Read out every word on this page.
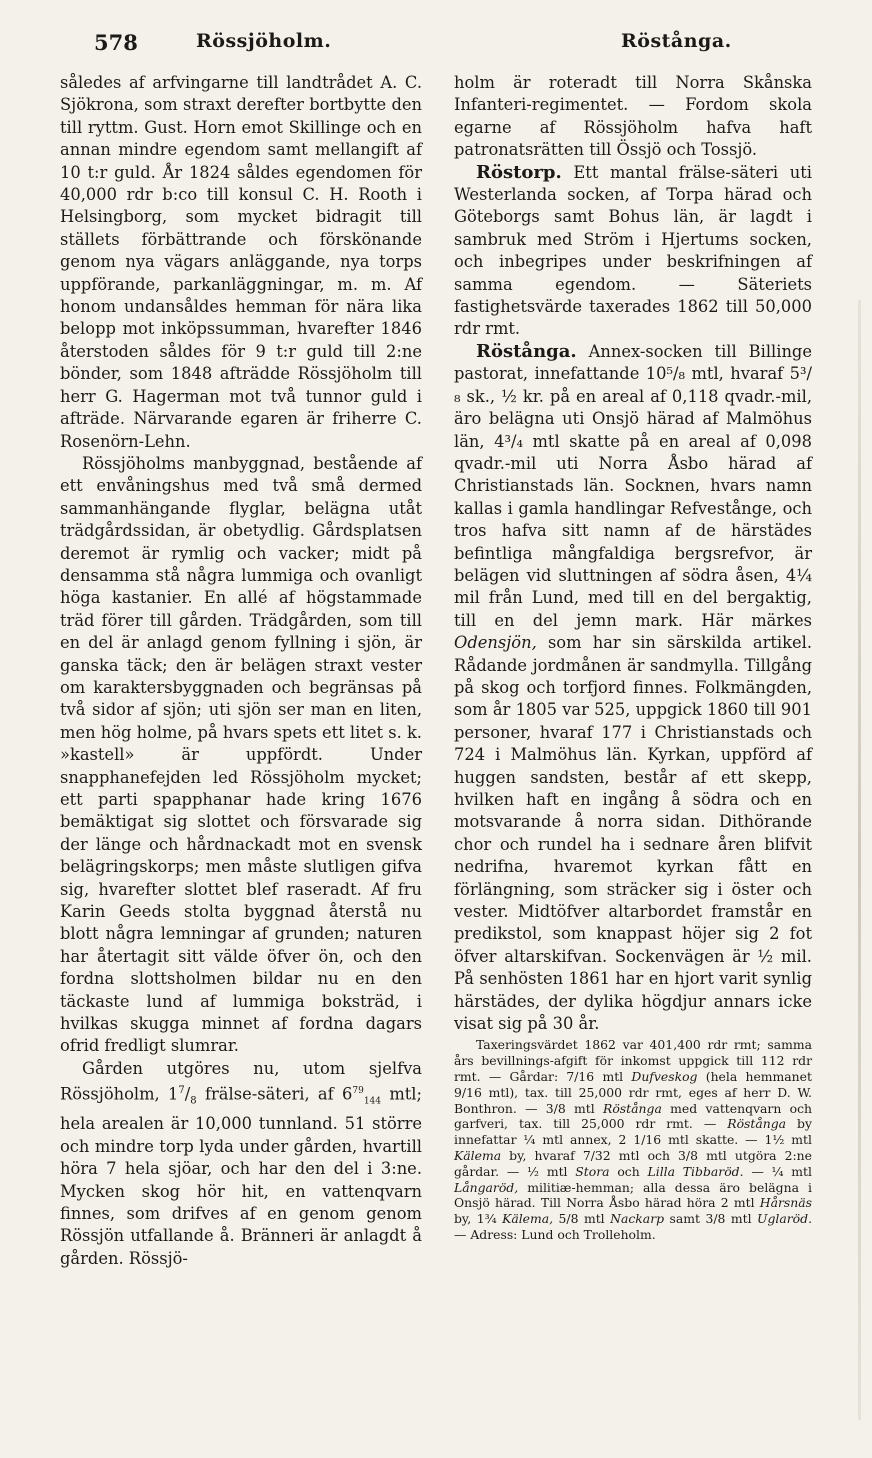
578	Rössjöholm.	Röstånga.

således af arfvingarne till landtrådet A. C. Sjökrona, som straxt derefter bortbytte den till ryttm. Gust. Horn emot Skillinge och en annan mindre egendom samt mellangift af 10 t:r guld. År 1824 såldes egendomen för 40,000 rdr b:co till konsul C. H. Rooth i Helsingborg, som mycket bidragit till ställets förbättrande och förskönande genom nya vägars anläggande, nya torps uppförande, parkanläggningar, m. m. Af honom undansåldes hemman för nära lika belopp mot inköpssumman, hvarefter 1846 återstoden såldes för 9 t:r guld till 2:ne bönder, som 1848 afträdde Rössjöholm till herr G. Hagerman mot två tunnor guld i afträde. Närvarande egaren är friherre C. Rosenörn-Lehn.

Rössjöholms manbyggnad, bestående af ett envåningshus med två små dermed sammanhängande flyglar, belägna utåt trädgårdssidan, är obetydlig. Gårdsplatsen deremot är rymlig och vacker; midt på densamma stå några lummiga och ovanligt höga kastanier. En allé af högstammade träd förer till gården. Trädgården, som till en del är anlagd genom fyllning i sjön, är ganska täck; den är belägen straxt vester om karaktersbyggnaden och begränsas på två sidor af sjön; uti sjön ser man en liten, men hög holme, på hvars spets ett litet s. k. »kastell» är uppfördt. Under snapphanefejden led Rössjöholm mycket; ett parti spapphanar hade kring 1676 bemäktigat sig slottet och försvarade sig der länge och hårdnackadt mot en svensk belägringskorps; men måste slutligen gifva sig, hvarefter slottet blef raseradt. Af fru Karin Geeds stolta byggnad återstå nu blott några lemningar af grunden; naturen har återtagit sitt välde öfver ön, och den fordna slottsholmen bildar nu en den täckaste lund af lummiga boksträd, i hvilkas skugga minnet af fordna dagars ofrid fredligt slumrar.

Gården utgöres nu, utom sjelfva Rössjöholm, $1^7/_8$ frälse-säteri, af $6^{79}_{144}$ mtl; hela arealen är 10,000 tunnland. 51 större och mindre torp lyda under gården, hvartill höra 7 hela sjöar, och har den del i 3:ne. Mycken skog hör hit, en vattenqvarn finnes, som drifves af en genom genom Rössjön utfallande å. Bränneri är anlagdt å gården. Rössjö-

holm är roteradt till Norra Skånska Infanteri-regimentet. — Fordom skola egarne af Rössjöholm hafva haft patronatsrätten till Össjö och Tossjö.

Röstorp. Ett mantal frälse-säteri uti Westerlanda socken, af Torpa härad och Göteborgs samt Bohus län, är lagdt i sambruk med Ström i Hjertums socken, och inbegripes under beskrifningen af samma egendom. — Säteriets fastighetsvärde taxerades 1862 till 50,000 rdr rmt.

Röstånga. Annex-socken till Billinge pastorat, innefattande 10⁵/₈ mtl, hvaraf 5³/₈ sk., ½ kr. på en areal af 0,118 qvadr.-mil, äro belägna uti Onsjö härad af Malmöhus län, 4³/₄ mtl skatte på en areal af 0,098 qvadr.-mil uti Norra Åsbo härad af Christianstads län. Socknen, hvars namn kallas i gamla handlingar Refvestånge, och tros hafva sitt namn af de härstädes befintliga mångfaldiga bergsrefvor, är belägen vid sluttningen af södra åsen, 4¼ mil från Lund, med till en del bergaktig, till en del jemn mark. Här märkes Odensjön, som har sin särskilda artikel. Rådande jordmånen är sandmylla. Tillgång på skog och torfjord finnes. Folkmängden, som år 1805 var 525, uppgick 1860 till 901 personer, hvaraf 177 i Christianstads och 724 i Malmöhus län. Kyrkan, uppförd af huggen sandsten, består af ett skepp, hvilken haft en ingång å södra och en motsvarande å norra sidan. Dithörande chor och rundel ha i sednare åren blifvit nedrifna, hvaremot kyrkan fått en förlängning, som sträcker sig i öster och vester. Midtöfver altarbordet framstår en predikstol, som knappast höjer sig 2 fot öfver altarskifvan. Sockenvägen är ½ mil. På senhösten 1861 har en hjort varit synlig härstädes, der dylika högdjur annars icke visat sig på 30 år.

Taxeringsvärdet 1862 var 401,400 rdr rmt; samma års bevillnings-afgift för inkomst uppgick till 112 rdr rmt. — Gårdar: 7/16 mtl Dufveskog (hela hemmanet 9/16 mtl), tax. till 25,000 rdr rmt, eges af herr D. W. Bonthron. — 3/8 mtl Röstånga med vattenqvarn och garfveri, tax. till 25,000 rdr rmt. — Röstånga by innefattar ¼ mtl annex, 2 1/16 mtl skatte. — 1½ mtl Kälema by, hvaraf 7/32 mtl och 3/8 mtl utgöra 2:ne gårdar. — ½ mtl Stora och Lilla Tibbaröd. — ¼ mtl Långaröd, militiæ-hemman; alla dessa äro belägna i Onsjö härad. Till Norra Åsbo härad höra 2 mtl Hårsnäs by, 1¾ Kälema, 5/8 mtl Nackarp samt 3/8 mtl Uglaröd. — Adress: Lund och Trolleholm.
